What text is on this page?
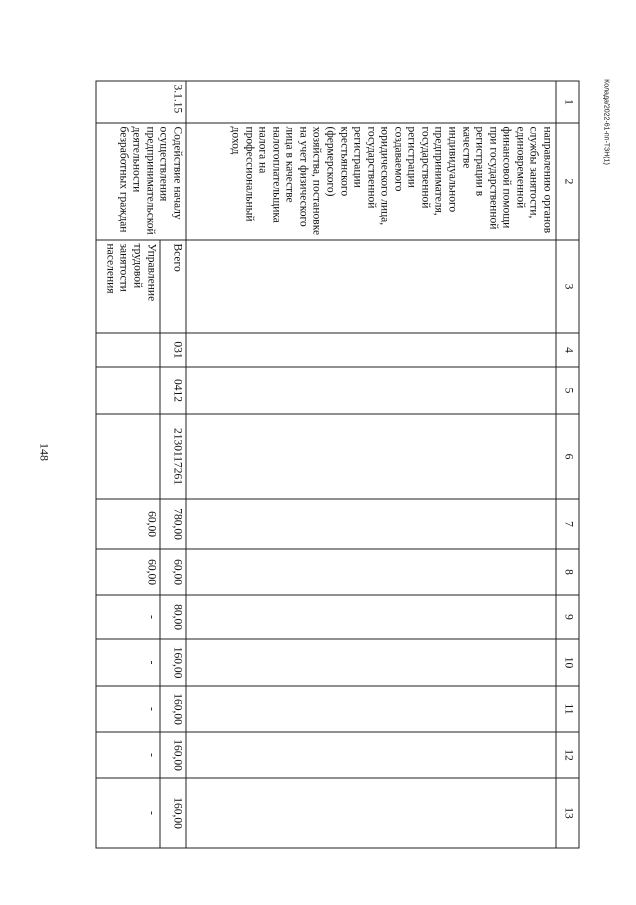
148
Колада/2022-61-пп-ТЗН(1)
1	2	3	4	5	6	7	8	9	10	11	12	13
	направлению органов службы занятости, единовременной финансовой помощи при государственной регистрации в качестве индивидуального предпринимателя, государственной регистрации создаваемого юридического лица, государственной регистрации крестьянского (фермерского) хозяйства, постановке на учет физического лица в качестве налогоплательщика налога на профессиональный доход											
3.1.15	Содействие началу осуществления предпринимательской деятельности безработных граждан	Всего	031	0412	2130117261	780,00	60,00	80,00	160,00	160,00	160,00	160,00
		Управление трудовой занятости населения				60,00	60,00	-	-	-	-	-
